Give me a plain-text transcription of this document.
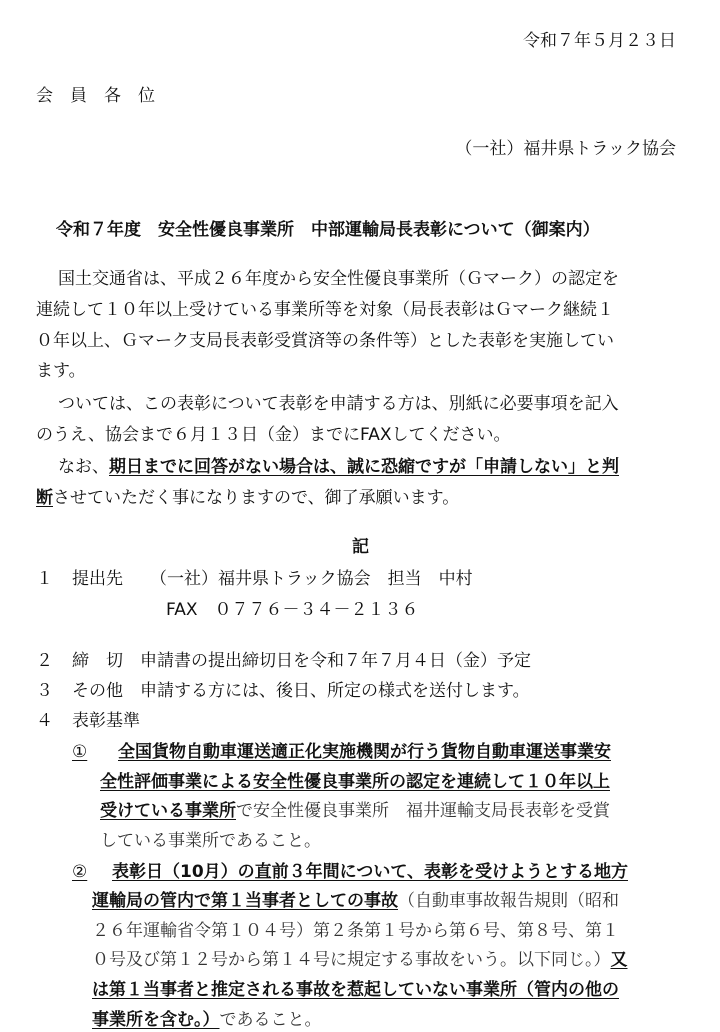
令和７年５月２３日
会　員　各　位
（一社）福井県トラック協会
令和７年度　安全性優良事業所　中部運輸局長表彰について（御案内）
国土交通省は、平成２６年度から安全性優良事業所（Ｇマーク）の認定を
連続して１０年以上受けている事業所等を対象（局長表彰はＧマーク継続１
０年以上、Ｇマーク支局長表彰受賞済等の条件等）とした表彰を実施してい
ます。
ついては、この表彰について表彰を申請する方は、別紙に必要事項を記入
のうえ、協会まで６月１３日（金）までにFAXしてください。
なお、期日までに回答がない場合は、誠に恐縮ですが「申請しない」と判
断させていただく事になりますので、御了承願います。
記
１ 提出先 （一社）福井県トラック協会　担当　中村
FAX　０７７６－３４－２１３６
２ 締　切　申請書の提出締切日を令和７年７月４日（金）予定
３ その他　申請する方には、後日、所定の様式を送付します。
４ 表彰基準
① 全国貨物自動車運送適正化実施機関が行う貨物自動車運送事業安
全性評価事業による安全性優良事業所の認定を連続して１０年以上
受けている事業所で安全性優良事業所　福井運輸支局長表彰を受賞
している事業所であること。
② 表彰日（10月）の直前３年間について、表彰を受けようとする地方
運輸局の管内で第１当事者としての事故（自動車事故報告規則（昭和
２６年運輸省令第１０４号）第２条第１号から第６号、第８号、第１
０号及び第１２号から第１４号に規定する事故をいう。以下同じ。）又
は第１当事者と推定される事故を惹起していない事業所（管内の他の
事業所を含む。）であること。
